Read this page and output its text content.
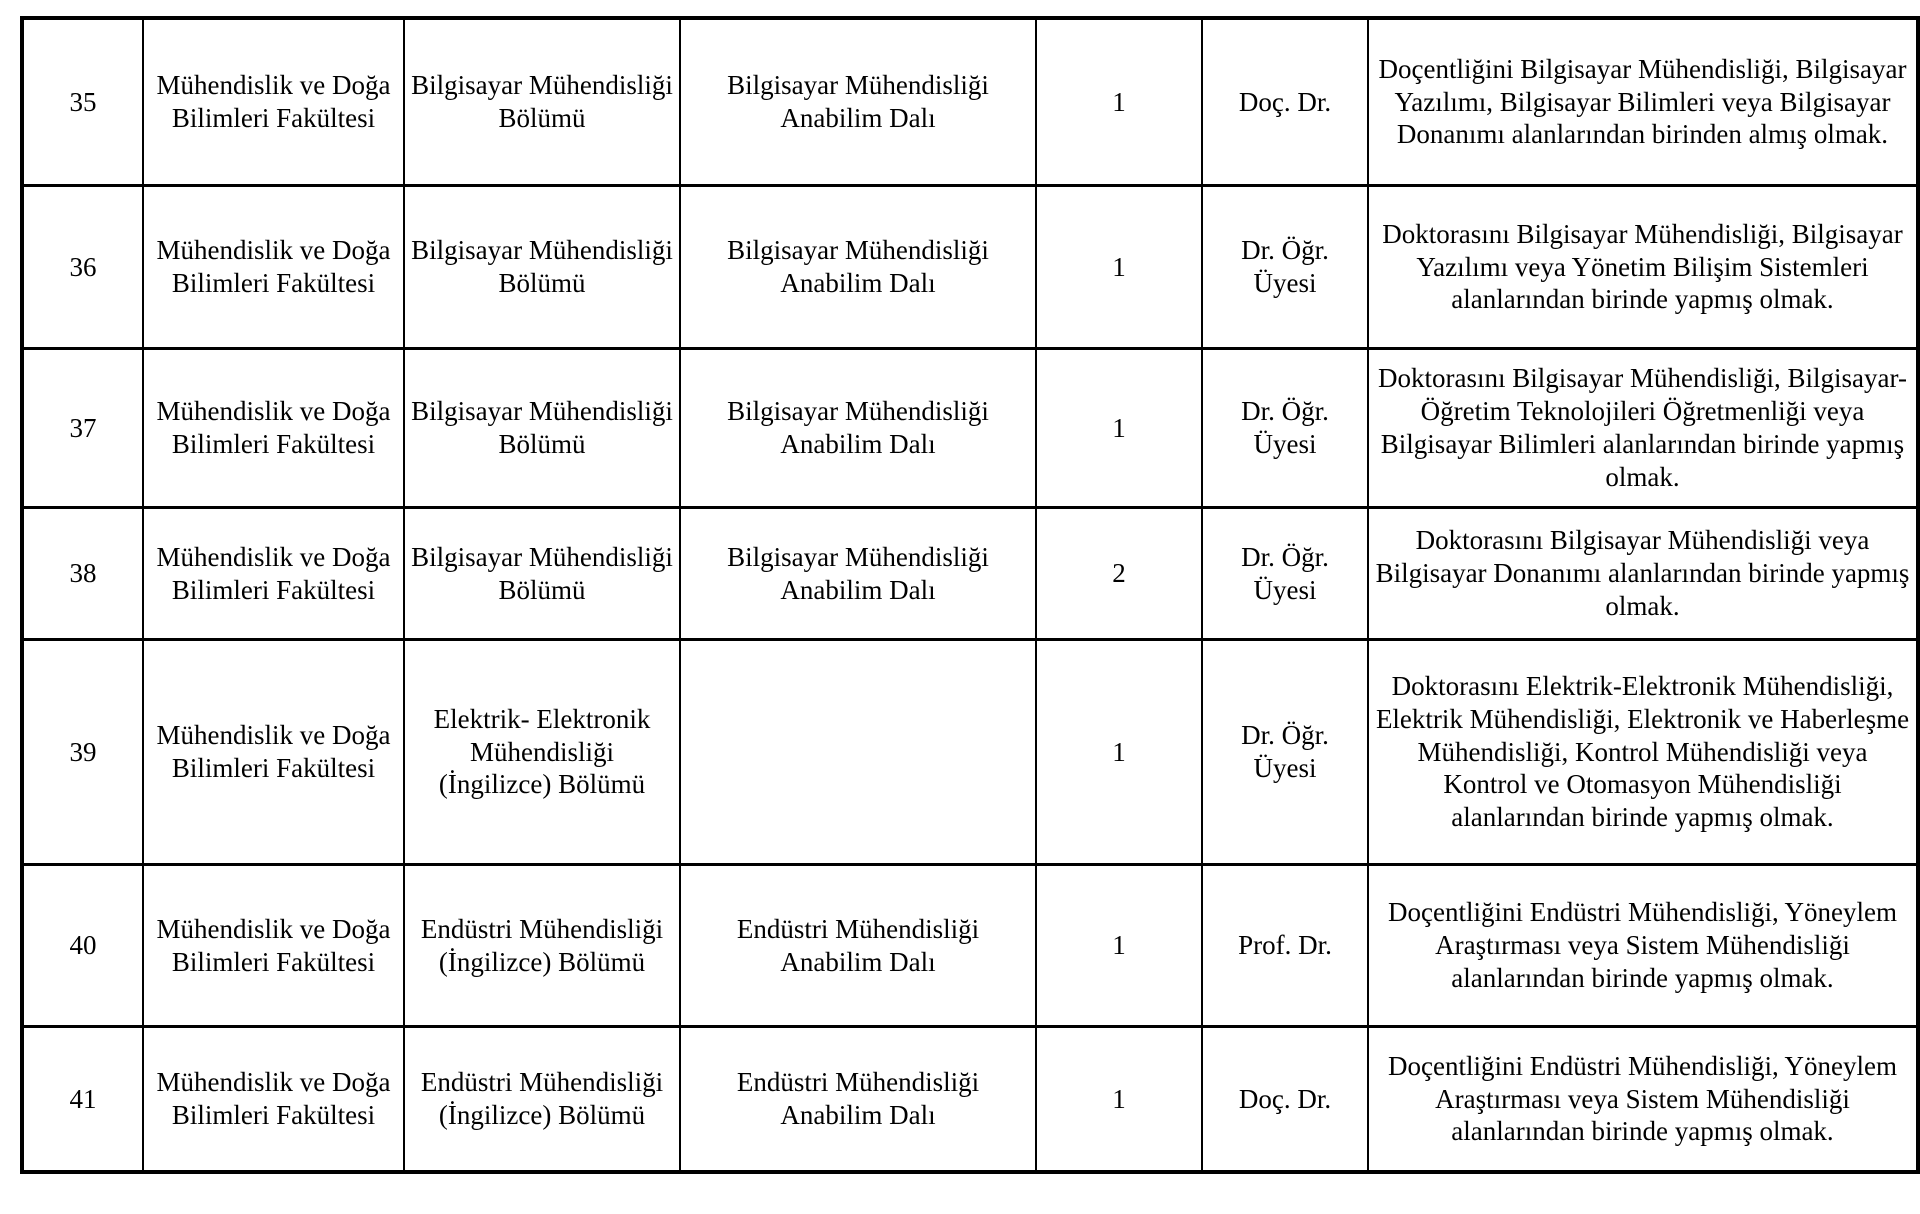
35	Mühendislik ve Doğa Bilimleri Fakültesi	Bilgisayar Mühendisliği Bölümü	Bilgisayar Mühendisliği Anabilim Dalı	1	Doç. Dr.	Doçentliğini Bilgisayar Mühendisliği, Bilgisayar Yazılımı, Bilgisayar Bilimleri veya Bilgisayar Donanımı alanlarından birinden almış olmak.
36	Mühendislik ve Doğa Bilimleri Fakültesi	Bilgisayar Mühendisliği Bölümü	Bilgisayar Mühendisliği Anabilim Dalı	1	Dr. Öğr. Üyesi	Doktorasını Bilgisayar Mühendisliği, Bilgisayar Yazılımı veya Yönetim Bilişim Sistemleri alanlarından birinde yapmış olmak.
37	Mühendislik ve Doğa Bilimleri Fakültesi	Bilgisayar Mühendisliği Bölümü	Bilgisayar Mühendisliği Anabilim Dalı	1	Dr. Öğr. Üyesi	Doktorasını Bilgisayar Mühendisliği, Bilgisayar-Öğretim Teknolojileri Öğretmenliği veya Bilgisayar Bilimleri alanlarından birinde yapmış olmak.
38	Mühendislik ve Doğa Bilimleri Fakültesi	Bilgisayar Mühendisliği Bölümü	Bilgisayar Mühendisliği Anabilim Dalı	2	Dr. Öğr. Üyesi	Doktorasını Bilgisayar Mühendisliği veya Bilgisayar Donanımı alanlarından birinde yapmış olmak.
39	Mühendislik ve Doğa Bilimleri Fakültesi	Elektrik- Elektronik Mühendisliği (İngilizce) Bölümü		1	Dr. Öğr. Üyesi	Doktorasını Elektrik-Elektronik Mühendisliği, Elektrik Mühendisliği, Elektronik ve Haberleşme Mühendisliği, Kontrol Mühendisliği veya Kontrol ve Otomasyon Mühendisliği alanlarından birinde yapmış olmak.
40	Mühendislik ve Doğa Bilimleri Fakültesi	Endüstri Mühendisliği (İngilizce) Bölümü	Endüstri Mühendisliği Anabilim Dalı	1	Prof. Dr.	Doçentliğini Endüstri Mühendisliği, Yöneylem Araştırması veya Sistem Mühendisliği alanlarından birinde yapmış olmak.
41	Mühendislik ve Doğa Bilimleri Fakültesi	Endüstri Mühendisliği (İngilizce) Bölümü	Endüstri Mühendisliği Anabilim Dalı	1	Doç. Dr.	Doçentliğini Endüstri Mühendisliği, Yöneylem Araştırması veya Sistem Mühendisliği alanlarından birinde yapmış olmak.
